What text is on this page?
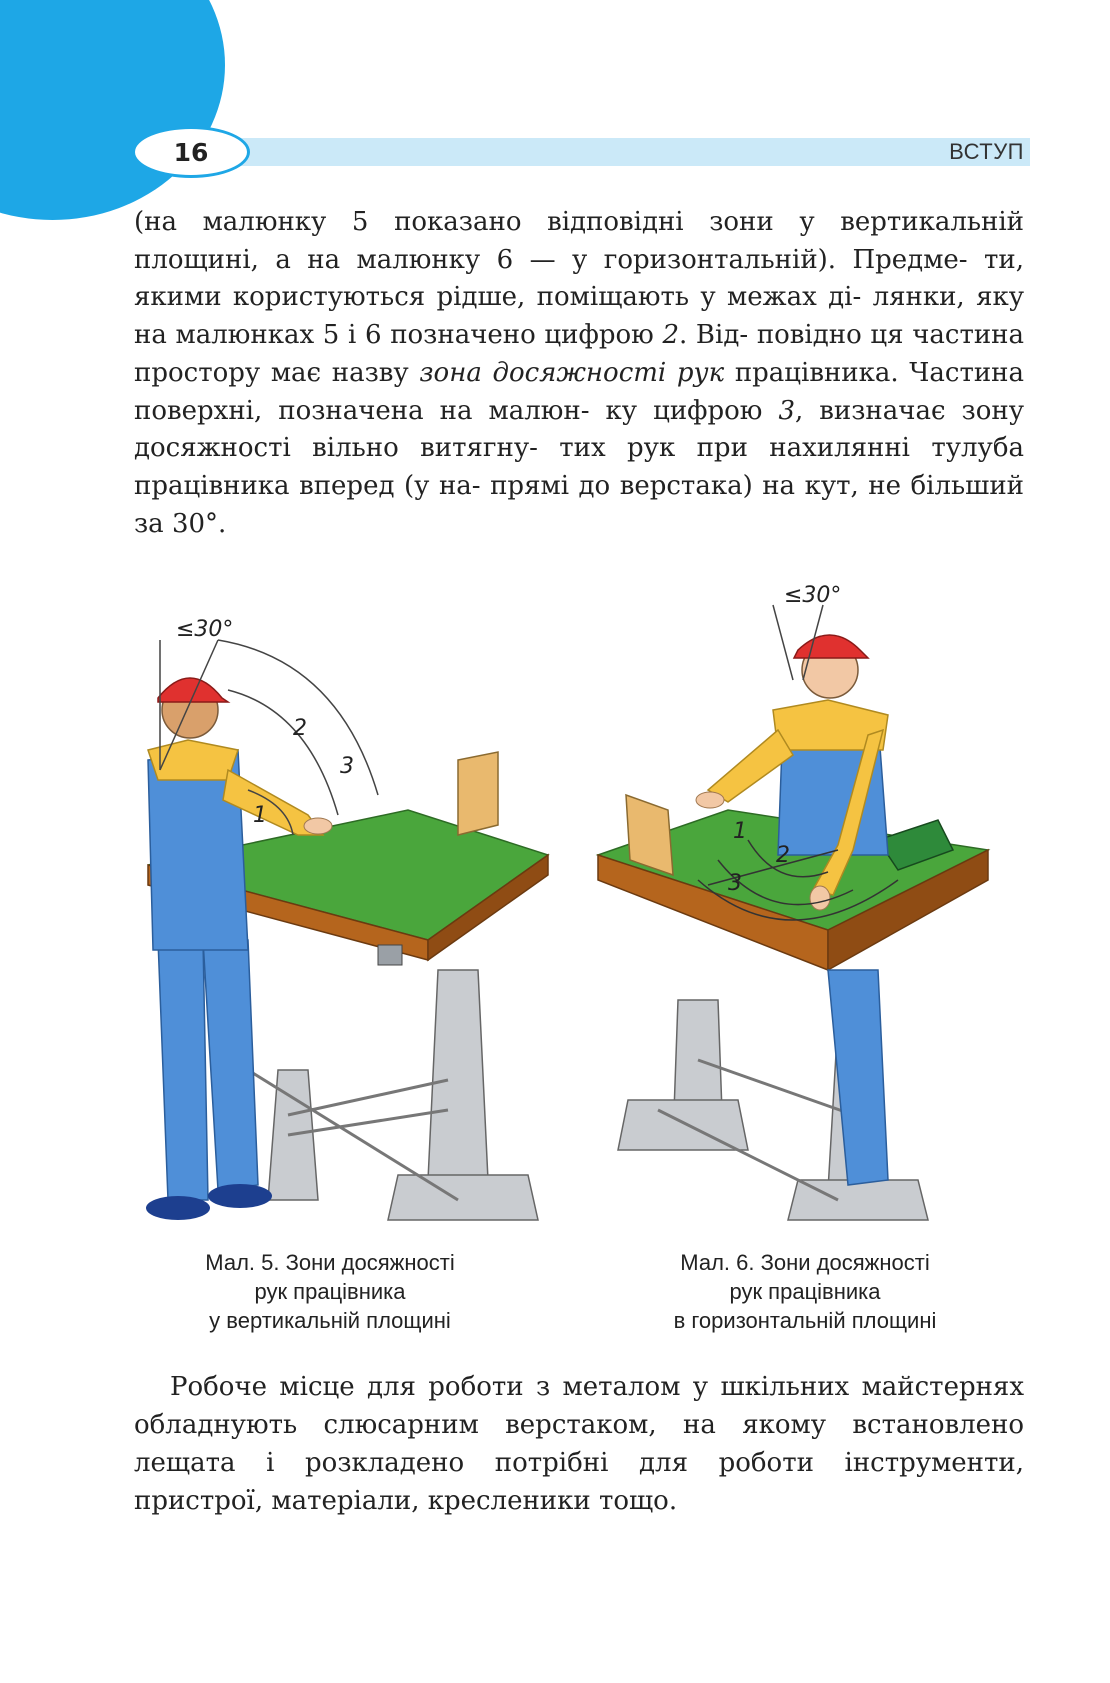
16	ВСТУП

(на малюнку 5 показано відповідні зони у вертикальній площині, а на малюнку 6 — у горизонтальній). Предме- ти, якими користуються рідше, поміщають у межах ді- лянки, яку на малюнках 5 і 6 позначено цифрою 2. Від- повідно ця частина простору має назву зона досяжності рук працівника. Частина поверхні, позначена на малюн- ку цифрою 3, визначає зону досяжності вільно витягну- тих рук при нахилянні тулуба працівника вперед (у на- прямі до верстака) на кут, не більший за 30°.

≤30°
1
2
3
≤30°
1
2
3
Мал. 5. Зони досяжності
рук працівника
у вертикальній площині
Мал. 6. Зони досяжності
рук працівника
в горизонтальній площині

Робоче місце для роботи з металом у шкільних майстернях обладнують слюсарним верстаком, на якому встановлено лещата і розкладено потрібні для роботи інструменти, пристрої, матеріали, кресленики тощо.
